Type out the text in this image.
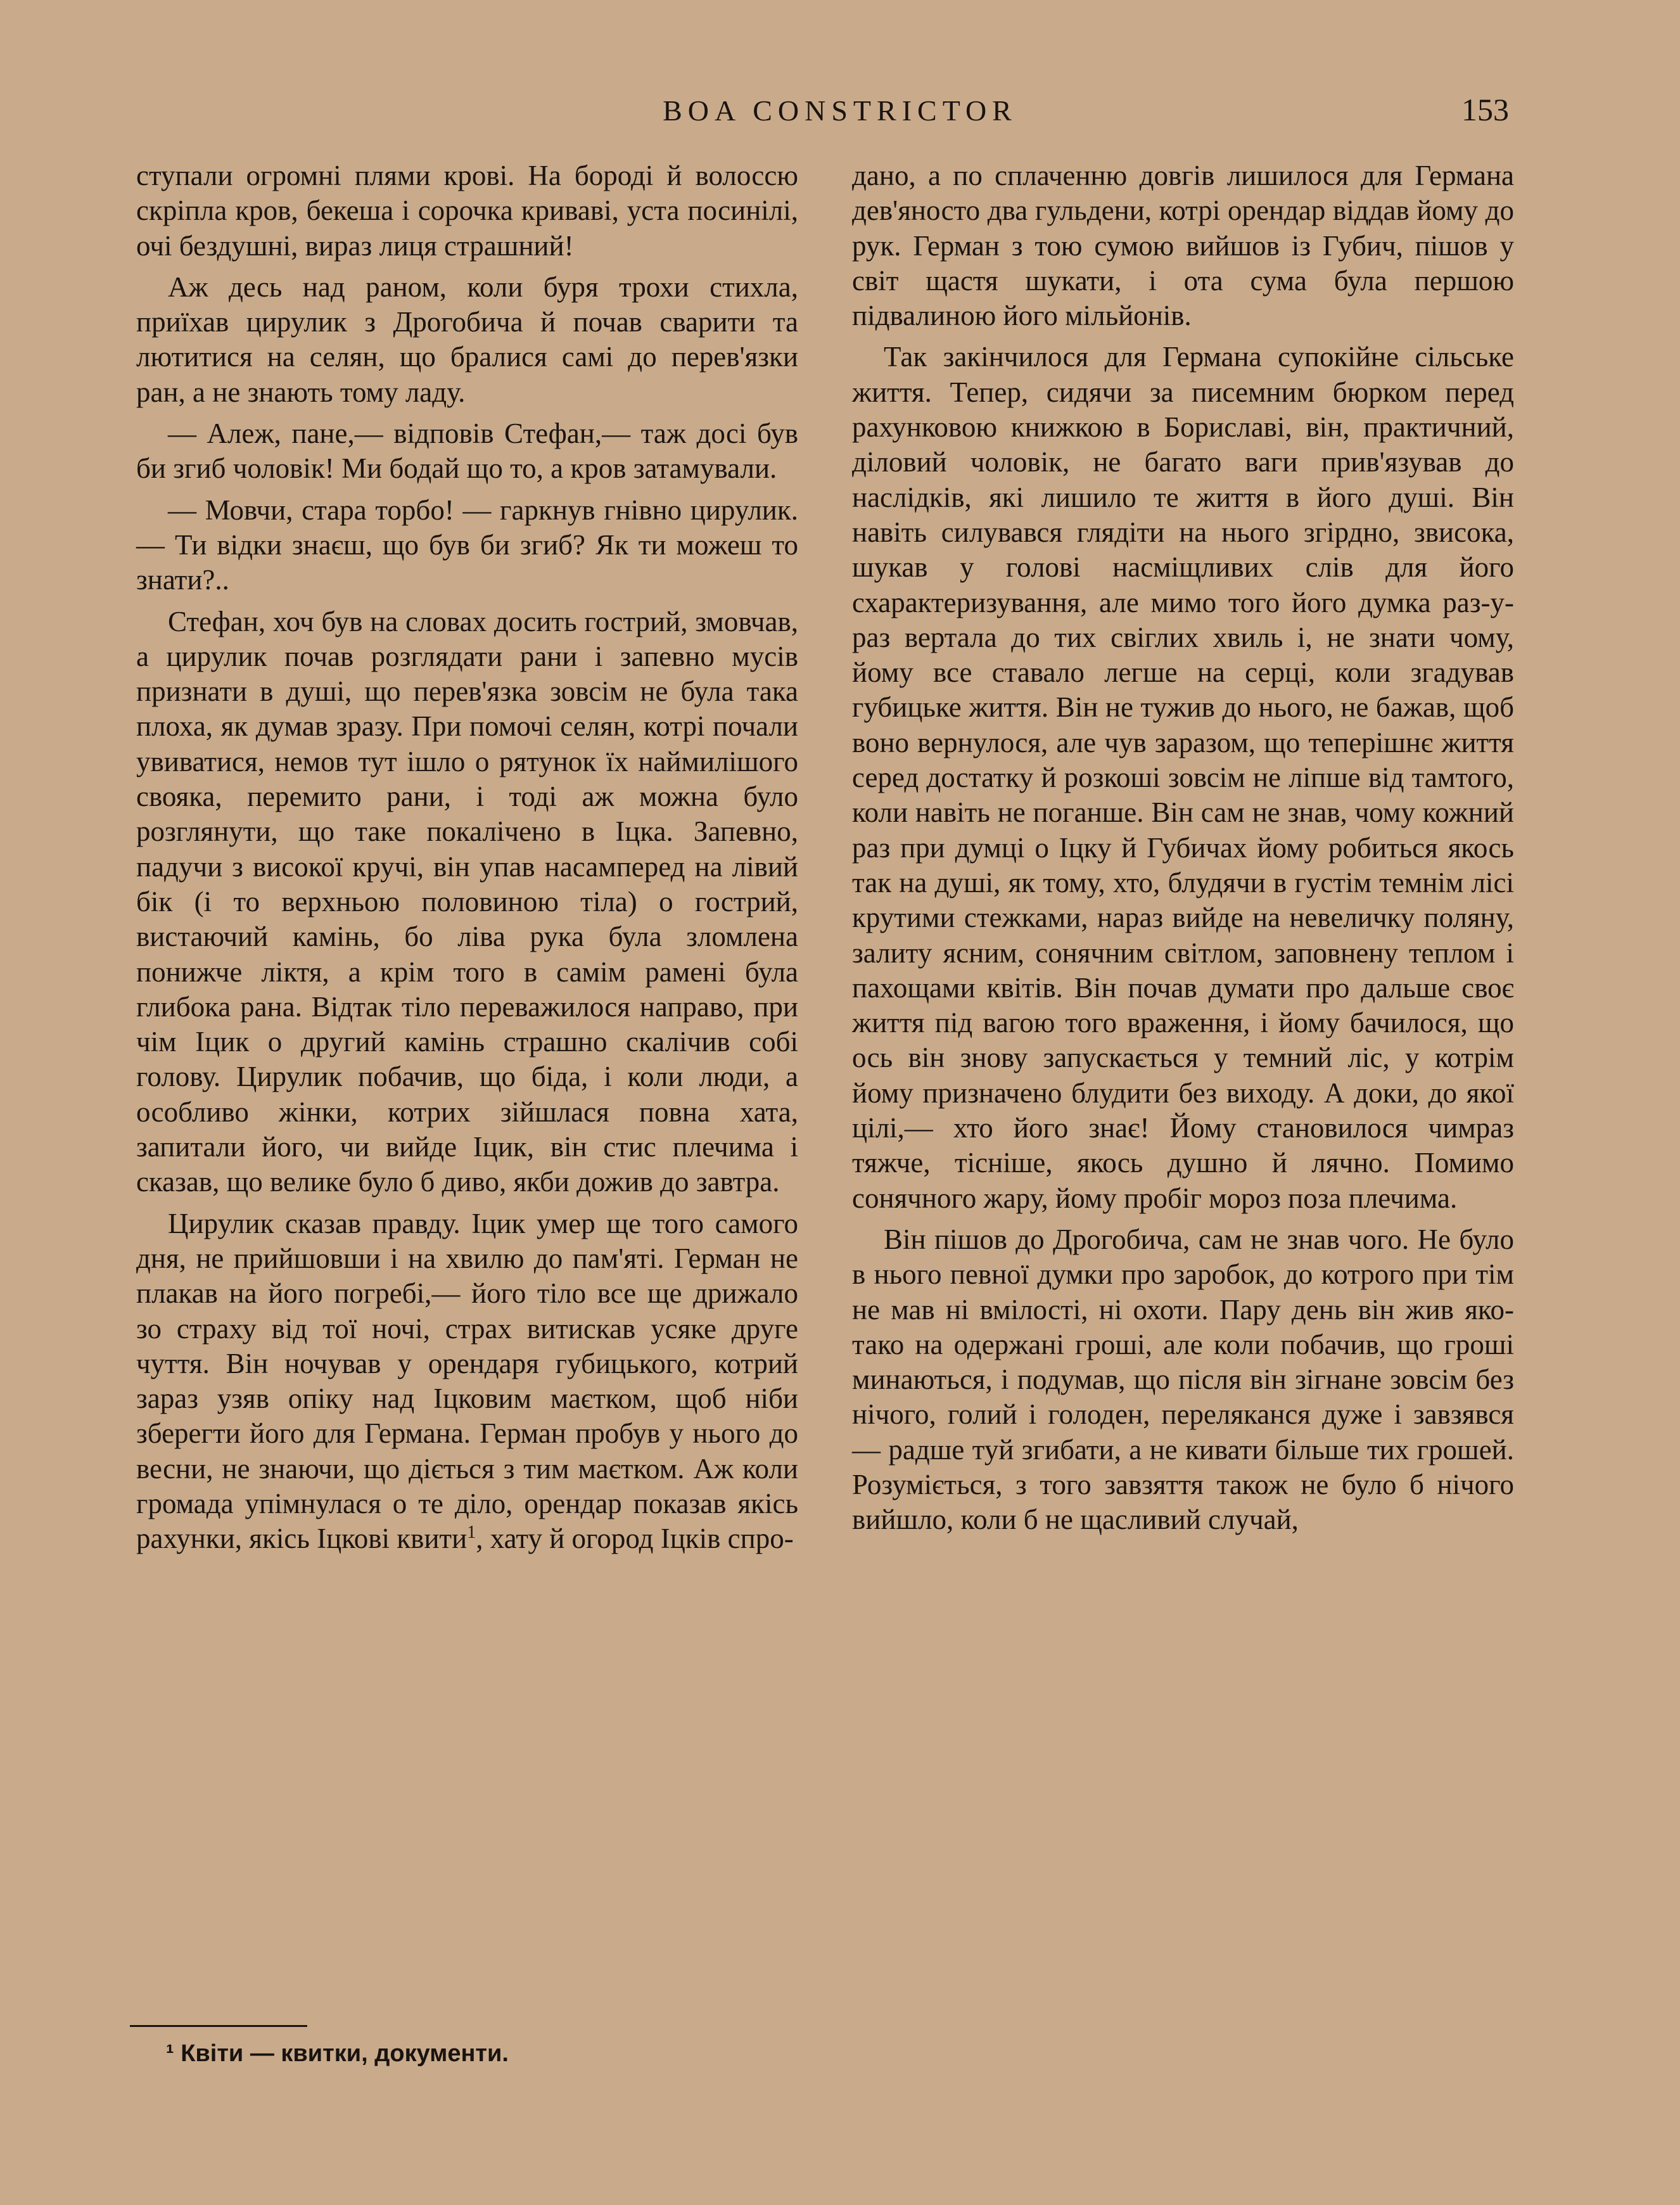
BOA CONSTRICTOR	153

ступали огромні плями крові. На бороді й волоссю скріпла кров, бекеша і сорочка криваві, уста посинілі, очі бездушні, вираз лиця страшний!

Аж десь над раном, коли буря трохи стихла, приїхав цирулик з Дрогобича й почав сварити та лютитися на селян, що бралися самі до перев'язки ран, а не знають тому ладу.

— Алеж, пане,— відповів Стефан,— таж досі був би згиб чоловік! Ми бодай що то, а кров затамували.

— Мовчи, стара торбо! — гаркнув гнівно цирулик.— Ти відки знаєш, що був би згиб? Як ти можеш то знати?..

Стефан, хоч був на словах досить гострий, змовчав, а цирулик почав розглядати рани і запевно мусів признати в душі, що перев'язка зовсім не була така плоха, як думав зразу. При помочі селян, котрі почали увиватися, немов тут ішло о рятунок їх наймилішого свояка, перемито рани, і тоді аж можна було розглянути, що таке покалічено в Іцка. Запевно, падучи з високої кручі, він упав насамперед на лівий бік (і то верхньою половиною тіла) о гострий, вистаючий камінь, бо ліва рука була зломлена понижче ліктя, а крім того в самім рамені була глибока рана. Відтак тіло переважилося направо, при чім Іцик о другий камінь страшно скалічив собі голову. Цирулик побачив, що біда, і коли люди, а особливо жінки, котрих зійшлася повна хата, запитали його, чи вийде Іцик, він стис плечима і сказав, що велике було б диво, якби дожив до завтра.

Цирулик сказав правду. Іцик умер ще того самого дня, не прийшовши і на хвилю до пам'яті. Герман не плакав на його погребі,— його тіло все ще дрижало зо страху від тої ночі, страх витискав усяке друге чуття. Він ночував у орендаря губицького, котрий зараз узяв опіку над Іцковим маєтком, щоб ніби зберегти його для Германа. Герман пробув у нього до весни, не знаючи, що діється з тим маєтком. Аж коли громада упімнулася о те діло, орендар показав якісь рахунки, якісь Іцкові квити$^1$, хату й огород Іцків спро-

дано, а по сплаченню довгів лишилося для Германа дев'яносто два гульдени, котрі орендар віддав йому до рук. Герман з тою сумою вийшов із Губич, пішов у світ щастя шукати, і ота сума була першою підвалиною його мільйонів.

Так закінчилося для Германа супокійне сільське життя. Тепер, сидячи за писемним бюрком перед рахунковою книжкою в Бориславі, він, практичний, діловий чоловік, не багато ваги прив'язував до наслідків, які лишило те життя в його душі. Він навіть силувався глядіти на нього згірдно, звисока, шукав у голові насміщливих слів для його схарактеризування, але мимо того його думка раз-у-раз вертала до тих свіглих хвиль і, не знати чому, йому все ставало легше на серці, коли згадував губицьке життя. Він не тужив до нього, не бажав, щоб воно вернулося, але чув заразом, що теперішнє життя серед достатку й розкоші зовсім не ліпше від тамтого, коли навіть не поганше. Він сам не знав, чому кожний раз при думці о Іцку й Губичах йому робиться якось так на душі, як тому, хто, блудячи в густім темнім лісі крутими стежками, нараз вийде на невеличку поляну, залиту ясним, сонячним світлом, заповнену теплом і пахощами квітів. Він почав думати про дальше своє життя під вагою того враження, і йому бачилося, що ось він знову запускається у темний ліс, у котрім йому призначено блудити без виходу. А доки, до якої цілі,— хто його знає! Йому становилося чимраз тяжче, тісніше, якось душно й лячно. Помимо сонячного жару, йому пробіг мороз поза плечима.

Він пішов до Дрогобича, сам не знав чого. Не було в нього певної думки про заробок, до котрого при тім не мав ні вмілості, ні охоти. Пару день він жив яко-тако на одержані гроші, але коли побачив, що гроші минаються, і подумав, що після він зігнане зовсім без нічого, голий і голоден, переляканся дуже і завзявся — радше туй згибати, а не кивати більше тих грошей. Розуміється, з того завзяття також не було б нічого вийшло, коли б не щасливий случай,

¹ Квіти — квитки, документи.
